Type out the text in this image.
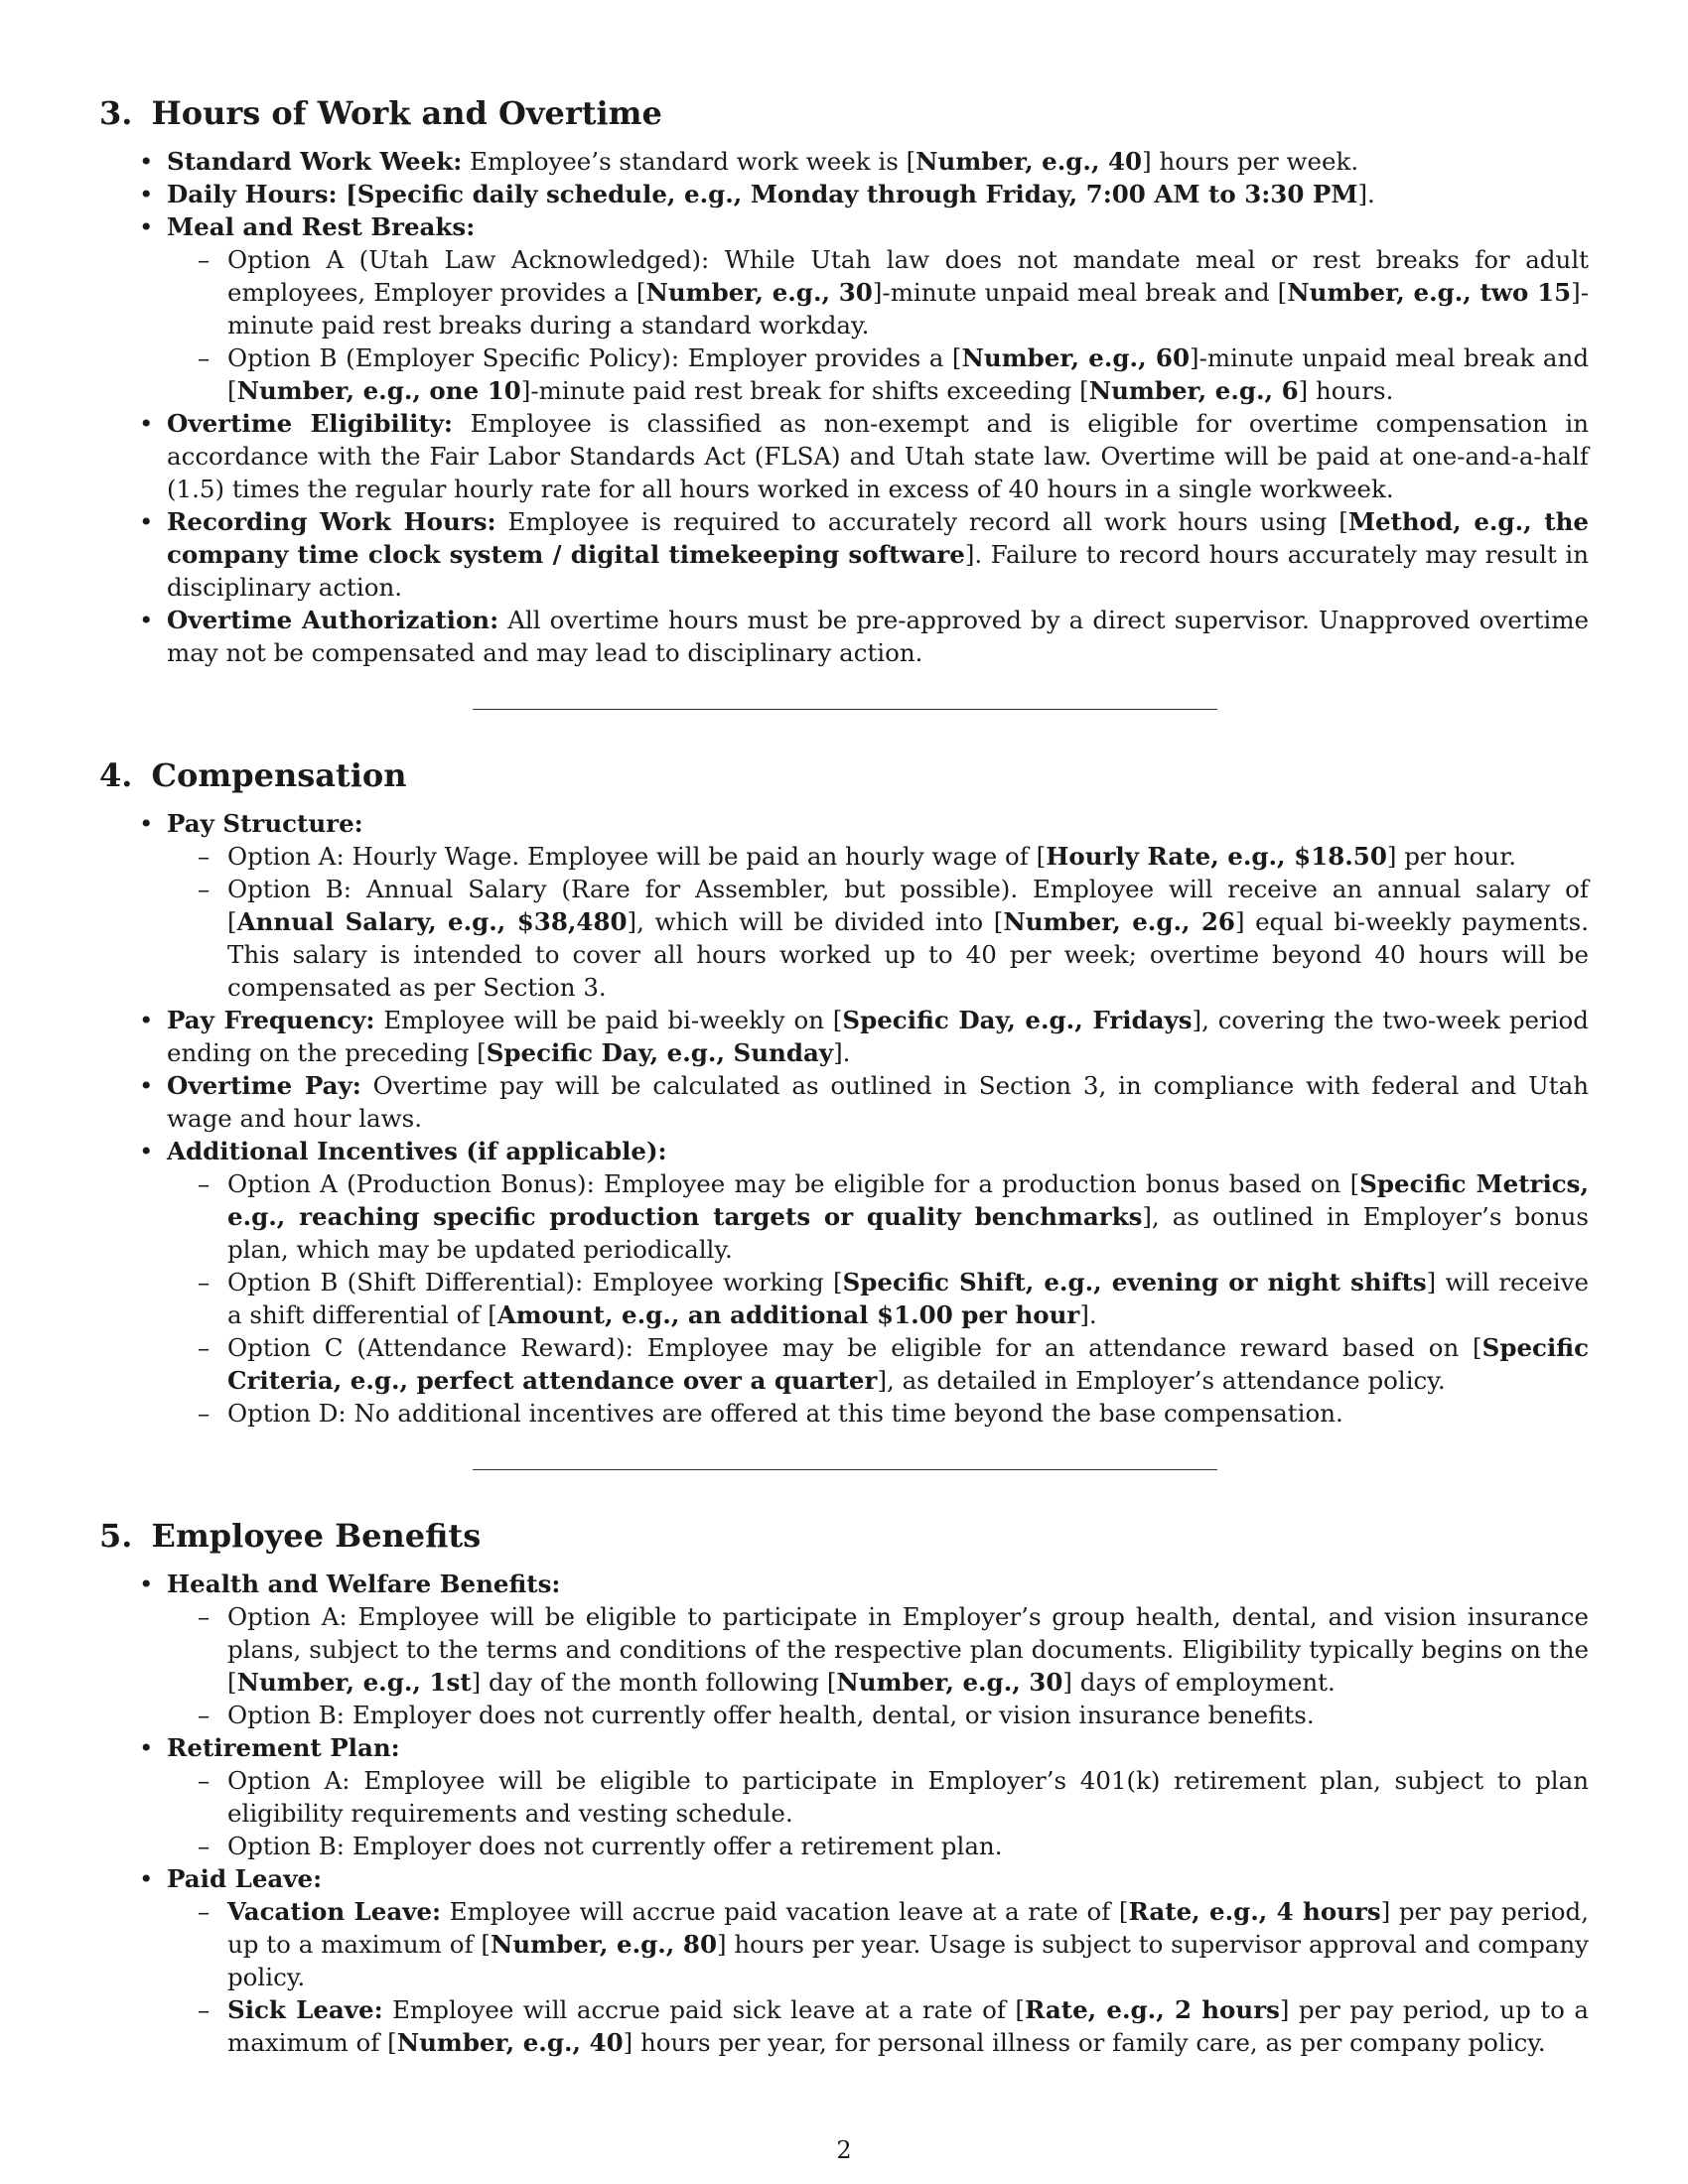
3. Hours of Work and Overtime
• Standard Work Week: Employee’s standard work week is [Number, e.g., 40] hours per week.
• Daily Hours: [Specific daily schedule, e.g., Monday through Friday, 7:00 AM to 3:30 PM].
• Meal and Rest Breaks:
– Option A (Utah Law Acknowledged): While Utah law does not mandate meal or rest breaks for adult employees, Employer provides a [Number, e.g., 30]-minute unpaid meal break and [Number, e.g., two 15]-minute paid rest breaks during a standard workday.
– Option B (Employer Specific Policy): Employer provides a [Number, e.g., 60]-minute unpaid meal break and [Number, e.g., one 10]-minute paid rest break for shifts exceeding [Number, e.g., 6] hours.
• Overtime Eligibility: Employee is classified as non-exempt and is eligible for overtime compensation in accordance with the Fair Labor Standards Act (FLSA) and Utah state law. Overtime will be paid at one-and-a-half (1.5) times the regular hourly rate for all hours worked in excess of 40 hours in a single workweek.
• Recording Work Hours: Employee is required to accurately record all work hours using [Method, e.g., the company time clock system / digital timekeeping software]. Failure to record hours accurately may result in disciplinary action.
• Overtime Authorization: All overtime hours must be pre-approved by a direct supervisor. Unapproved overtime may not be compensated and may lead to disciplinary action.
4. Compensation
• Pay Structure:
– Option A: Hourly Wage. Employee will be paid an hourly wage of [Hourly Rate, e.g., $18.50] per hour.
– Option B: Annual Salary (Rare for Assembler, but possible). Employee will receive an annual salary of [Annual Salary, e.g., $38,480], which will be divided into [Number, e.g., 26] equal bi-weekly payments. This salary is intended to cover all hours worked up to 40 per week; overtime beyond 40 hours will be compensated as per Section 3.
• Pay Frequency: Employee will be paid bi-weekly on [Specific Day, e.g., Fridays], covering the two-week period ending on the preceding [Specific Day, e.g., Sunday].
• Overtime Pay: Overtime pay will be calculated as outlined in Section 3, in compliance with federal and Utah wage and hour laws.
• Additional Incentives (if applicable):
– Option A (Production Bonus): Employee may be eligible for a production bonus based on [Specific Metrics, e.g., reaching specific production targets or quality benchmarks], as outlined in Employer’s bonus plan, which may be updated periodically.
– Option B (Shift Differential): Employee working [Specific Shift, e.g., evening or night shifts] will receive a shift differential of [Amount, e.g., an additional $1.00 per hour].
– Option C (Attendance Reward): Employee may be eligible for an attendance reward based on [Specific Criteria, e.g., perfect attendance over a quarter], as detailed in Employer’s attendance policy.
– Option D: No additional incentives are offered at this time beyond the base compensation.
5. Employee Benefits
• Health and Welfare Benefits:
– Option A: Employee will be eligible to participate in Employer’s group health, dental, and vision insurance plans, subject to the terms and conditions of the respective plan documents. Eligibility typically begins on the [Number, e.g., 1st] day of the month following [Number, e.g., 30] days of employment.
– Option B: Employer does not currently offer health, dental, or vision insurance benefits.
• Retirement Plan:
– Option A: Employee will be eligible to participate in Employer’s 401(k) retirement plan, subject to plan eligibility requirements and vesting schedule.
– Option B: Employer does not currently offer a retirement plan.
• Paid Leave:
– Vacation Leave: Employee will accrue paid vacation leave at a rate of [Rate, e.g., 4 hours] per pay period, up to a maximum of [Number, e.g., 80] hours per year. Usage is subject to supervisor approval and company policy.
– Sick Leave: Employee will accrue paid sick leave at a rate of [Rate, e.g., 2 hours] per pay period, up to a maximum of [Number, e.g., 40] hours per year, for personal illness or family care, as per company policy.
2
